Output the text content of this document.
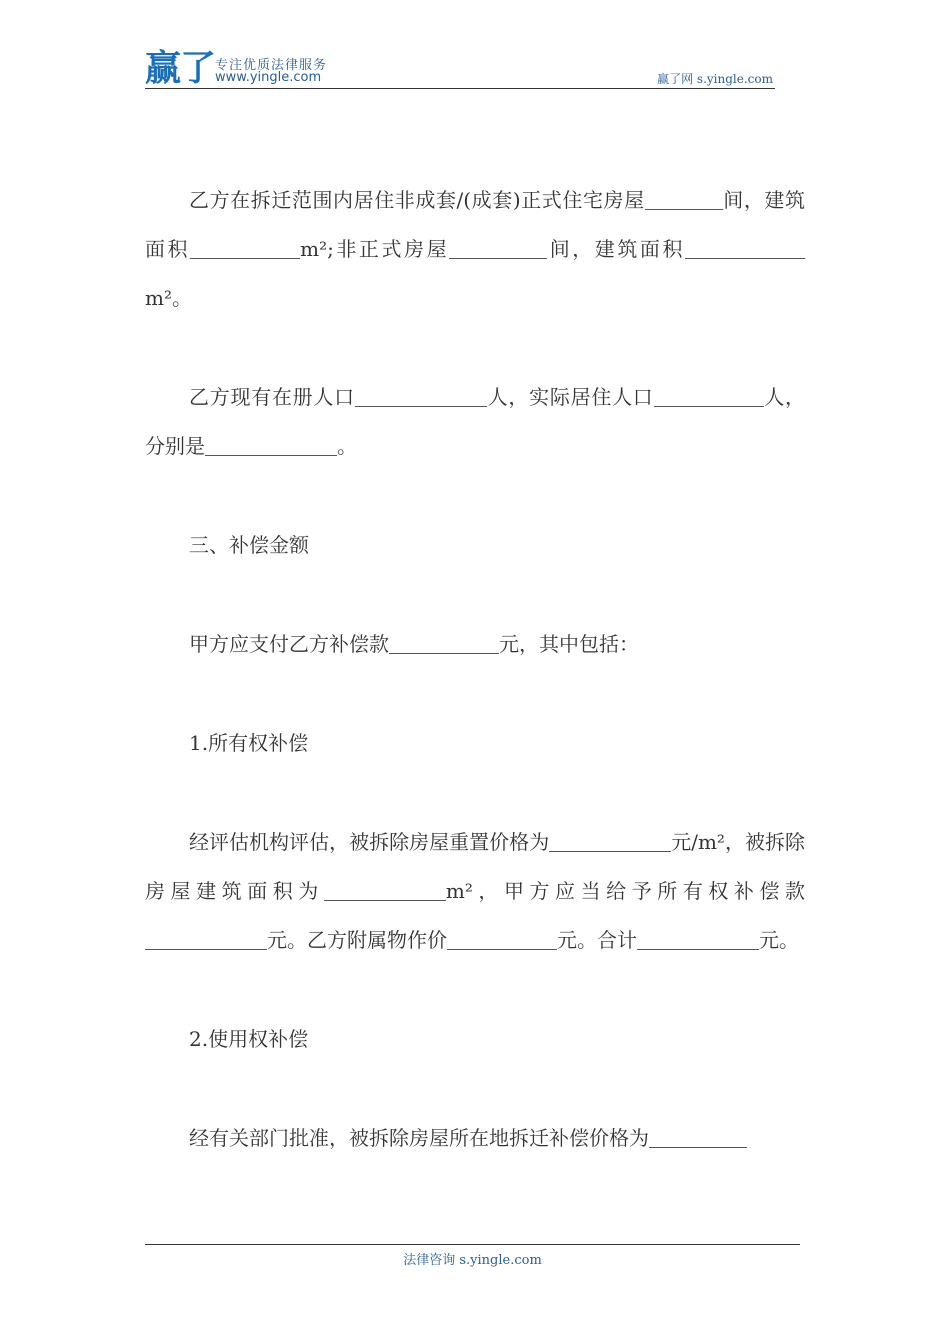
赢了 专注优质法律服务
www.yingle.com	赢了网 s.yingle.com

乙方在拆迁范围内居住非成套/(成套)正式住宅房屋	间，建筑面积	m²;非正式房屋	间，建筑面积m²。

乙方现有在册人口	人，实际居住人口	人，分别是	。

三、补偿金额

甲方应支付乙方补偿款	元，其中包括：

1.所有权补偿

经评估机构评估，被拆除房屋重置价格为	元/m²，被拆除房屋建筑面积为	m²，甲方应当给予所有权补偿款元。乙方附属物作价	元。合计	元。

2.使用权补偿

经有关部门批准，被拆除房屋所在地拆迁补偿价格为

法律咨询 s.yingle.com
